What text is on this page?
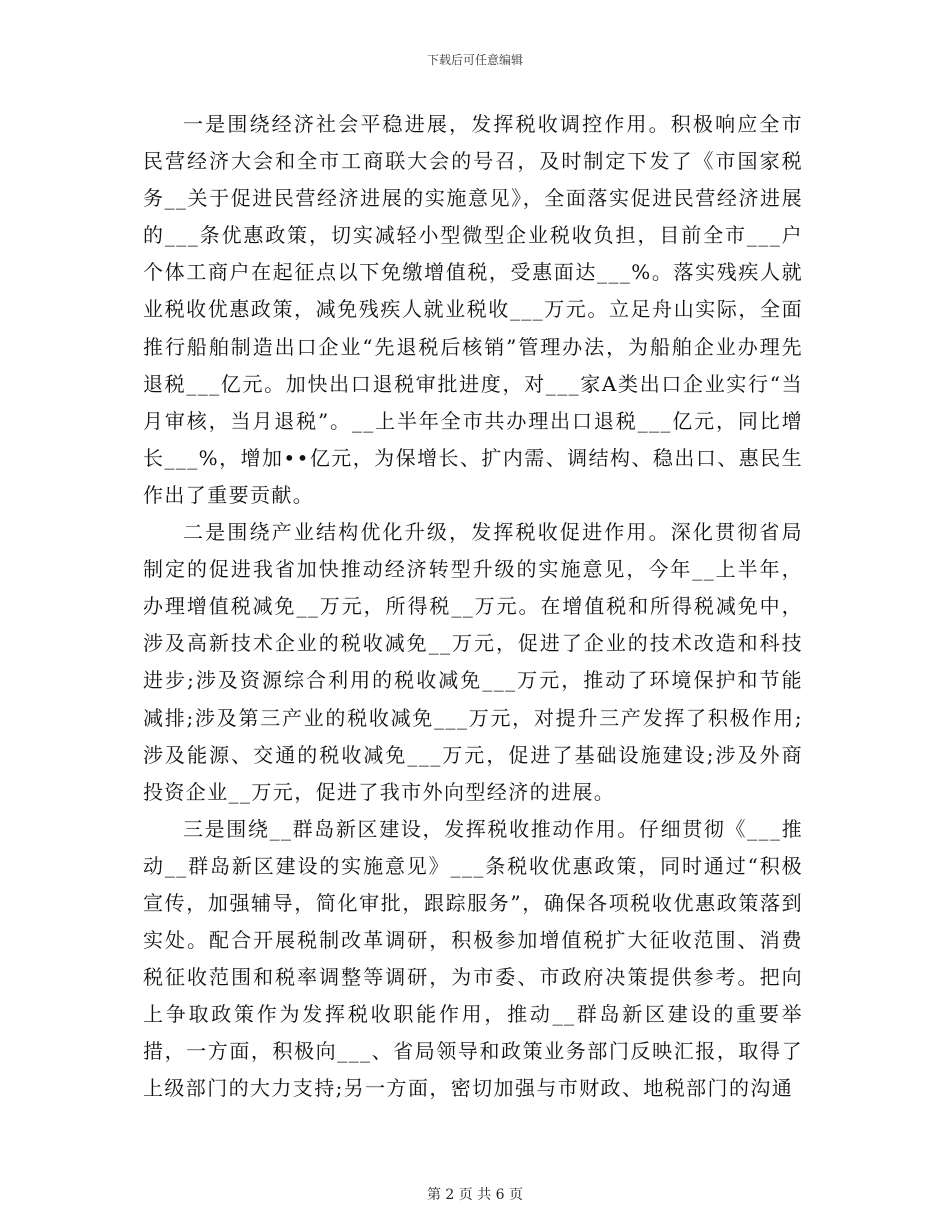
下载后可任意编辑

一是围绕经济社会平稳进展，发挥税收调控作用。积极响应全市民营经济大会和全市工商联大会的号召，及时制定下发了《市国家税务__关于促进民营经济进展的实施意见》，全面落实促进民营经济进展的___条优惠政策，切实减轻小型微型企业税收负担，目前全市___户个体工商户在起征点以下免缴增值税，受惠面达___%。落实残疾人就业税收优惠政策，减免残疾人就业税收___万元。立足舟山实际，全面推行船舶制造出口企业“先退税后核销”管理办法，为船舶企业办理先退税___亿元。加快出口退税审批进度，对___家A类出口企业实行“当月审核，当月退税”。__上半年全市共办理出口退税___亿元，同比增长___%，增加••亿元，为保增长、扩内需、调结构、稳出口、惠民生作出了重要贡献。

二是围绕产业结构优化升级，发挥税收促进作用。深化贯彻省局制定的促进我省加快推动经济转型升级的实施意见，今年__上半年，办理增值税减免__万元，所得税__万元。在增值税和所得税减免中，涉及高新技术企业的税收减免__万元，促进了企业的技术改造和科技进步;涉及资源综合利用的税收减免___万元，推动了环境保护和节能减排;涉及第三产业的税收减免___万元，对提升三产发挥了积极作用;涉及能源、交通的税收减免___万元，促进了基础设施建设;涉及外商投资企业__万元，促进了我市外向型经济的进展。

三是围绕__群岛新区建设，发挥税收推动作用。仔细贯彻《___推动__群岛新区建设的实施意见》___条税收优惠政策，同时通过“积极宣传，加强辅导，简化审批，跟踪服务”，确保各项税收优惠政策落到实处。配合开展税制改革调研，积极参加增值税扩大征收范围、消费税征收范围和税率调整等调研，为市委、市政府决策提供参考。把向上争取政策作为发挥税收职能作用，推动__群岛新区建设的重要举措，一方面，积极向___、省局领导和政策业务部门反映汇报，取得了上级部门的大力支持;另一方面，密切加强与市财政、地税部门的沟通

第 2 页 共 6 页
